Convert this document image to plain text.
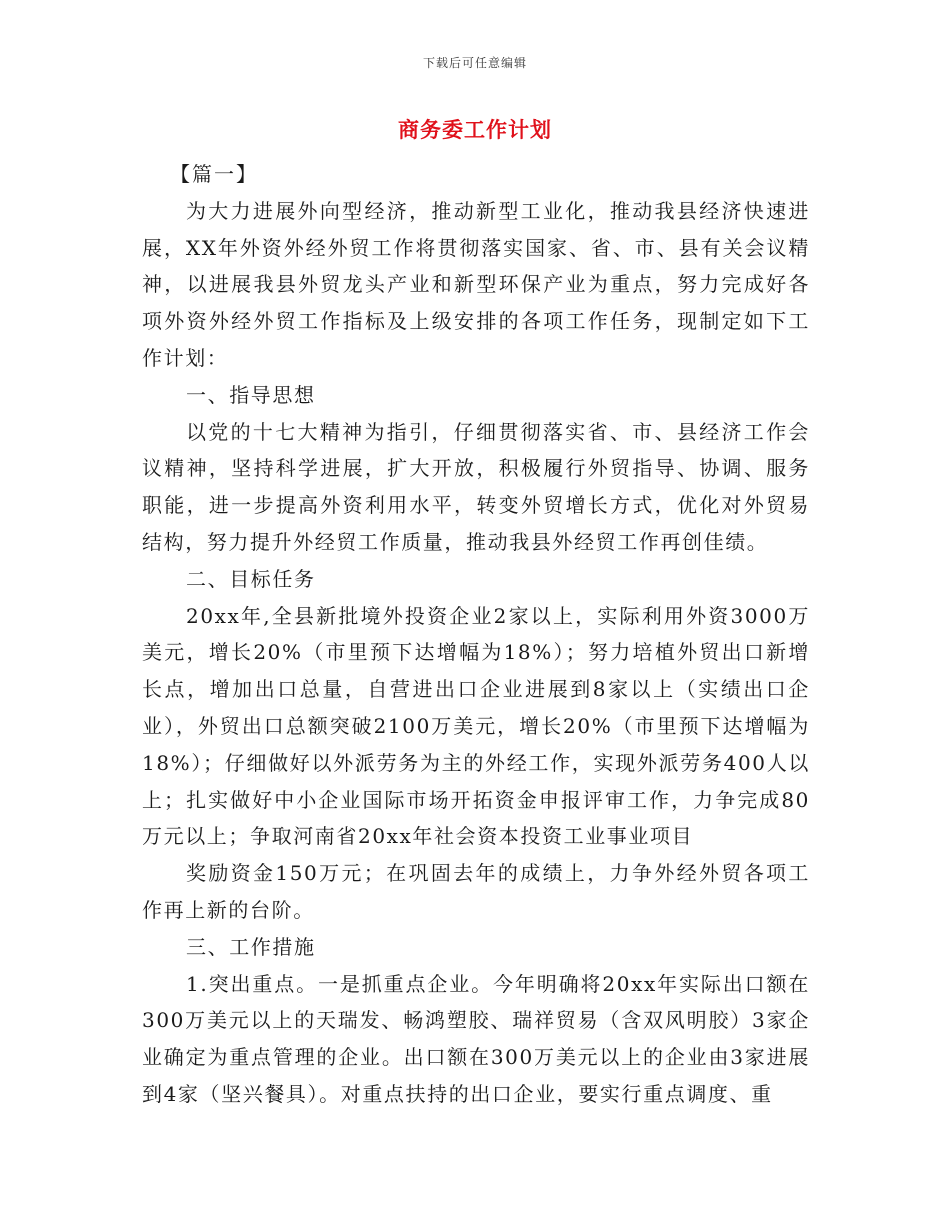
下载后可任意编辑
商务委工作计划

【篇一】

为大力进展外向型经济，推动新型工业化，推动我县经济快速进展，XX年外资外经外贸工作将贯彻落实国家、省、市、县有关会议精神，以进展我县外贸龙头产业和新型环保产业为重点，努力完成好各项外资外经外贸工作指标及上级安排的各项工作任务，现制定如下工作计划：

一、指导思想

以党的十七大精神为指引，仔细贯彻落实省、市、县经济工作会议精神，坚持科学进展，扩大开放，积极履行外贸指导、协调、服务职能，进一步提高外资利用水平，转变外贸增长方式，优化对外贸易结构，努力提升外经贸工作质量，推动我县外经贸工作再创佳绩。

二、目标任务

20xx年,全县新批境外投资企业2家以上，实际利用外资3000万美元，增长20%（市里预下达增幅为18%）；努力培植外贸出口新增长点，增加出口总量，自营进出口企业进展到8家以上（实绩出口企业），外贸出口总额突破2100万美元，增长20%（市里预下达增幅为18%）；仔细做好以外派劳务为主的外经工作，实现外派劳务400人以上；扎实做好中小企业国际市场开拓资金申报评审工作，力争完成80万元以上；争取河南省20xx年社会资本投资工业事业项目

奖励资金150万元；在巩固去年的成绩上，力争外经外贸各项工作再上新的台阶。

三、工作措施

1.突出重点。一是抓重点企业。今年明确将20xx年实际出口额在300万美元以上的天瑞发、畅鸿塑胶、瑞祥贸易（含双风明胶）3家企业确定为重点管理的企业。出口额在300万美元以上的企业由3家进展到4家（坚兴餐具）。对重点扶持的出口企业，要实行重点调度、重
